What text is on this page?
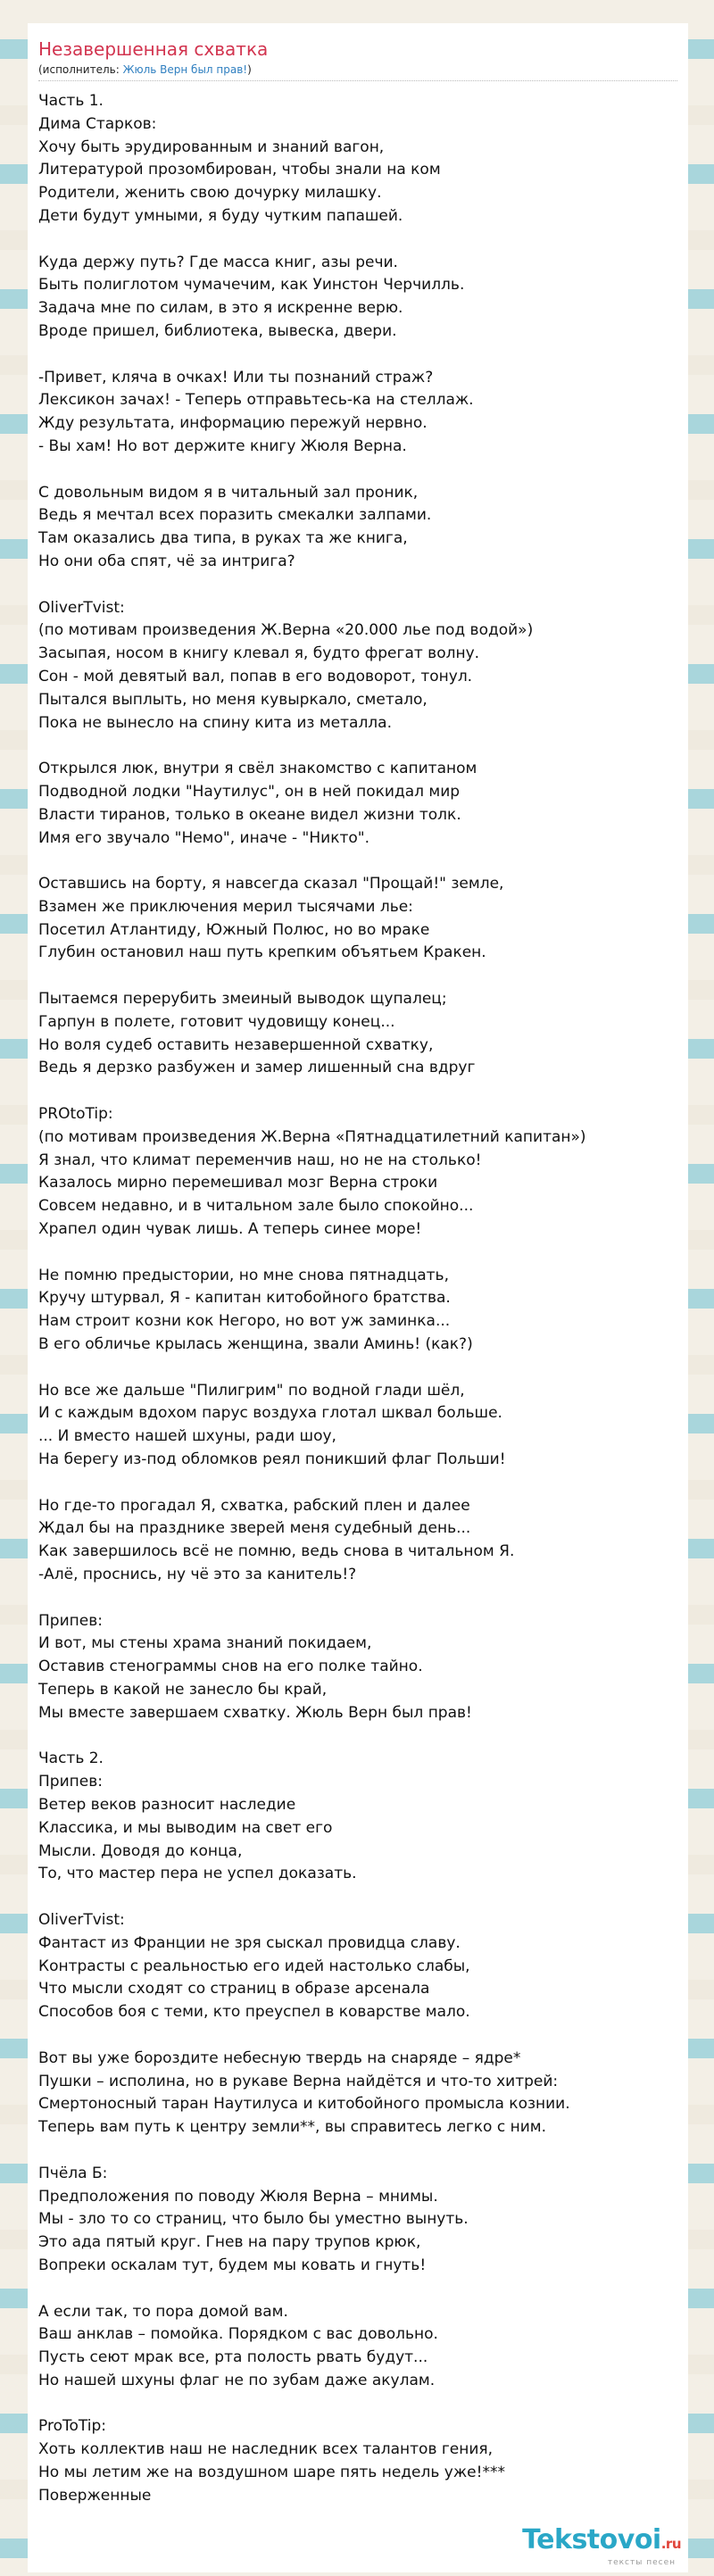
Незавершенная схватка
(исполнитель: Жюль Верн был прав!)
Часть 1.
Дима Старков:
Хочу быть эрудированным и знаний вагон,
Литературой прозомбирован, чтобы знали на ком
Родители, женить свою дочурку милашку.
Дети будут умными, я буду чутким папашей.
Куда держу путь? Где масса книг, азы речи.
Быть полиглотом чумачечим, как Уинстон Черчилль.
Задача мне по силам, в это я искренне верю.
Вроде пришел, библиотека, вывеска, двери.
-Привет, кляча в очках! Или ты познаний страж?
Лексикон зачах! - Теперь отправьтесь-ка на стеллаж.
Жду результата, информацию пережуй нервно.
- Вы хам! Но вот держите книгу Жюля Верна.
С довольным видом я в читальный зал проник,
Ведь я мечтал всех поразить смекалки залпами.
Там оказались два типа, в руках та же книга,
Но они оба спят, чё за интрига?
OliverTvist:
(по мотивам произведения Ж.Верна «20.000 лье под водой»)
Засыпая, носом в книгу клевал я, будто фрегат волну.
Сон - мой девятый вал, попав в его водоворот, тонул.
Пытался выплыть, но меня кувыркало, сметало,
Пока не вынесло на спину кита из металла.
Открылся люк, внутри я свёл знакомство с капитаном
Подводной лодки "Наутилус", он в ней покидал мир
Власти тиранов, только в океане видел жизни толк.
Имя его звучало "Немо", иначе - "Никто".
Оставшись на борту, я навсегда сказал "Прощай!" земле,
Взамен же приключения мерил тысячами лье:
Посетил Атлантиду, Южный Полюс, но во мраке
Глубин остановил наш путь крепким объятьем Кракен.
Пытаемся перерубить змеиный выводок щупалец;
Гарпун в полете, готовит чудовищу конец...
Но воля судеб оставить незавершенной схватку,
Ведь я дерзко разбужен и замер лишенный сна вдруг
PROtoTip:
(по мотивам произведения Ж.Верна «Пятнадцатилетний капитан»)
Я знал, что климат переменчив наш, но не на столько!
Казалось мирно перемешивал мозг Верна строки
Совсем недавно, и в читальном зале было спокойно...
Храпел один чувак лишь. А теперь синее море!
Не помню предыстории, но мне снова пятнадцать,
Кручу штурвал, Я - капитан китобойного братства.
Нам строит козни кок Негоро, но вот уж заминка...
В его обличье крылась женщина, звали Аминь! (как?)
Но все же дальше "Пилигрим" по водной глади шёл,
И с каждым вдохом парус воздуха глотал шквал больше.
... И вместо нашей шхуны, ради шоу,
На берегу из-под обломков реял поникший флаг Польши!
Но где-то прогадал Я, схватка, рабский плен и далее
Ждал бы на празднике зверей меня судебный день...
Как завершилось всё не помню, ведь снова в читальном Я.
-Алё, проснись, ну чё это за канитель!?
Припев:
И вот, мы стены храма знаний покидаем,
Оставив стенограммы снов на его полке тайно.
Теперь в какой не занесло бы край,
Мы вместе завершаем схватку. Жюль Верн был прав!
Часть 2.
Припев:
Ветер веков разносит наследие
Классика, и мы выводим на свет его
Мысли. Доводя до конца,
То, что мастер пера не успел доказать.
OliverTvist:
Фантаст из Франции не зря сыскал провидца славу.
Контрасты с реальностью его идей настолько слабы,
Что мысли сходят со страниц в образе арсенала
Способов боя с теми, кто преуспел в коварстве мало.
Вот вы уже бороздите небесную твердь на снаряде – ядре*
Пушки – исполина, но в рукаве Верна найдётся и что-то хитрей:
Смертоносный таран Наутилуса и китобойного промысла кознии.
Теперь вам путь к центру земли**, вы справитесь легко с ним.
Пчёла Б:
Предположения по поводу Жюля Верна – мнимы.
Мы - зло то со страниц, что было бы уместно вынуть.
Это ада пятый круг. Гнев на пару трупов крюк,
Вопреки оскалам тут, будем мы ковать и гнуть!
А если так, то пора домой вам.
Ваш анклав – помойка. Порядком с вас довольно.
Пусть сеют мрак все, рта полость рвать будут...
Но нашей шхуны флаг не по зубам даже акулам.
ProToTip:
Хоть коллектив наш не наследник всех талантов гения,
Но мы летим же на воздушном шаре пять недель уже!***
Поверженные
Tekstovoi.ru
тексты песен
